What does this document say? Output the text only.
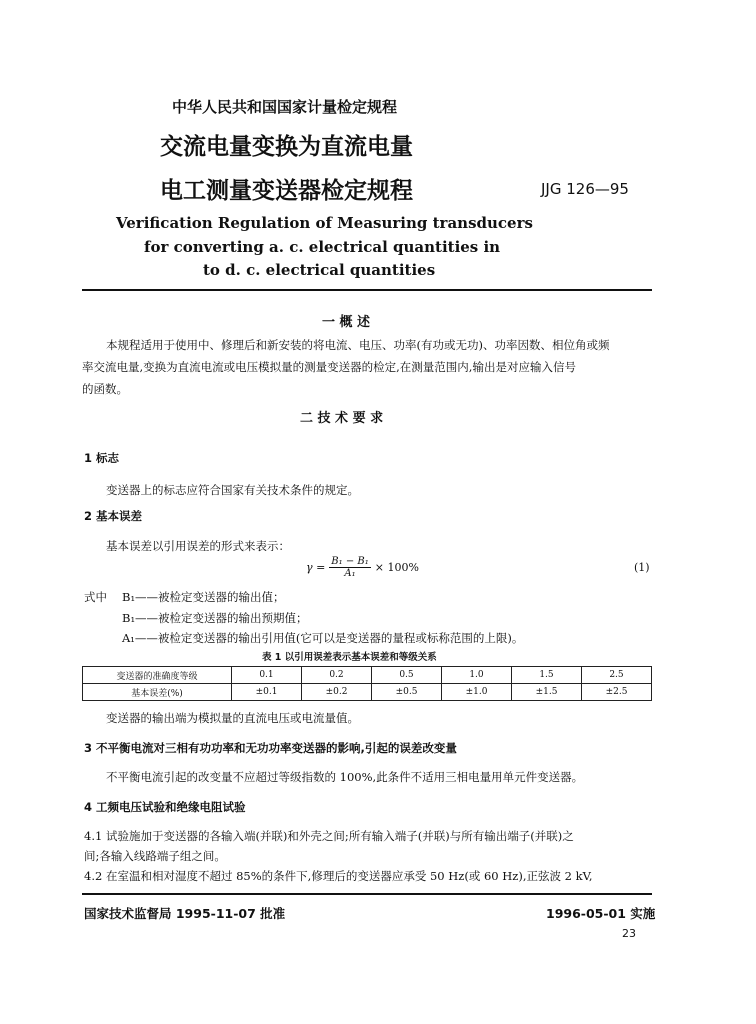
中华人民共和国国家计量检定规程
交流电量变换为直流电量
电工测量变送器检定规程	JJG 126—95
Verification Regulation of Measuring transducers
for converting a. c. electrical quantities in
to d. c. electrical quantities
一 概 述
本规程适用于使用中、修理后和新安装的将电流、电压、功率(有功或无功)、功率因数、相位角或频
率交流电量,变换为直流电流或电压模拟量的测量变送器的检定,在测量范围内,输出是对应输入信号
的函数。
二 技 术 要 求
1 标志
变送器上的标志应符合国家有关技术条件的规定。
2 基本误差
基本误差以引用误差的形式来表示：
$\gamma = \frac{\text{B₁ − B₁}}{\text{A₁}} \times 100\%$	(1)
式中 B₁——被检定变送器的输出值；
B₁——被检定变送器的输出预期值；
A₁——被检定变送器的输出引用值(它可以是变送器的量程或标称范围的上限)。
表 1 以引用误差表示基本误差和等级关系
变送器的准确度等级	0.1	0.2	0.5	1.0	1.5	2.5
基本误差(%)	±0.1	±0.2	±0.5	±1.0	±1.5	±2.5
变送器的输出端为模拟量的直流电压或电流量值。
3 不平衡电流对三相有功功率和无功功率变送器的影响,引起的误差改变量
不平衡电流引起的改变量不应超过等级指数的 100%,此条件不适用三相电量用单元件变送器。
4 工频电压试验和绝缘电阻试验
4.1 试验施加于变送器的各输入端(并联)和外壳之间;所有输入端子(并联)与所有输出端子(并联)之
间;各输入线路端子组之间。
4.2 在室温和相对湿度不超过 85%的条件下,修理后的变送器应承受 50 Hz(或 60 Hz),正弦波 2 kV,
国家技术监督局 1995-11-07 批准	1996-05-01 实施
23
